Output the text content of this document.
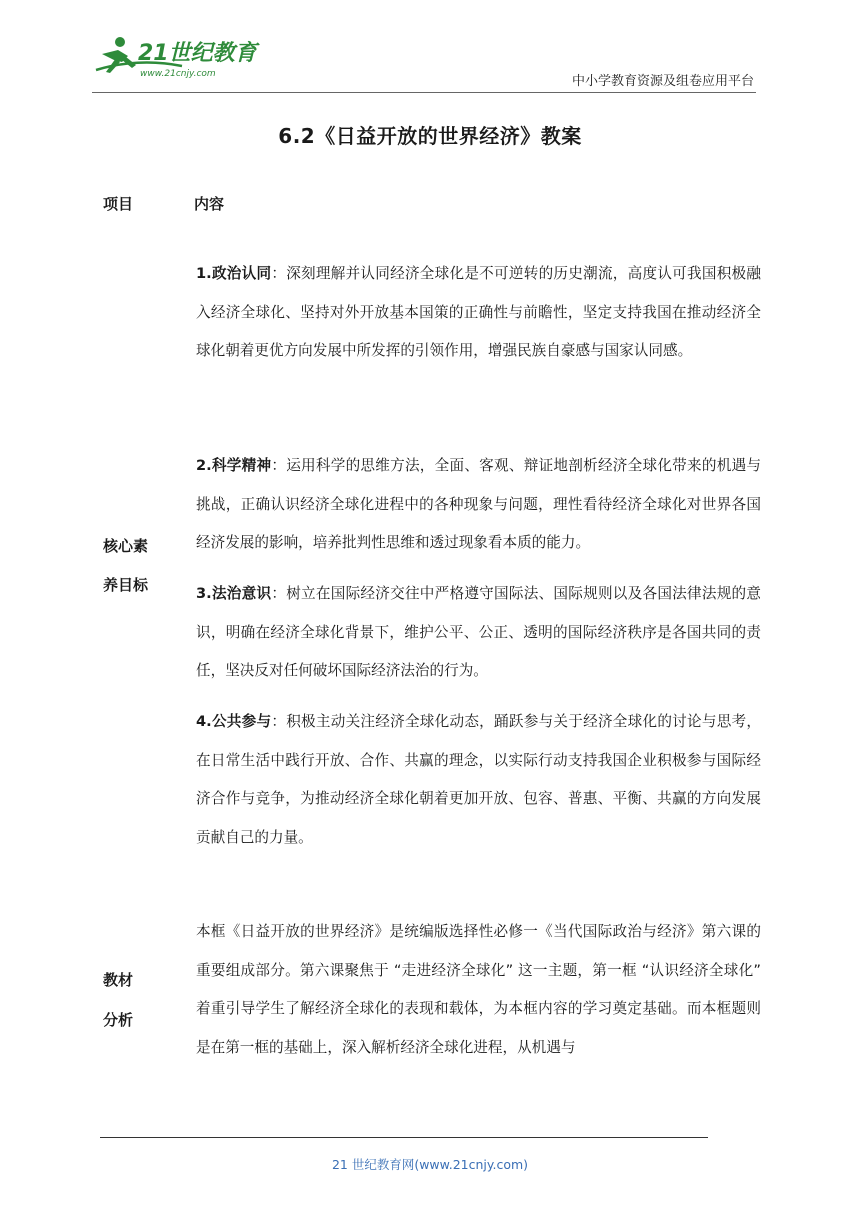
21世纪教育
www.21cnjy.com	中小学教育资源及组卷应用平台
6.2《日益开放的世界经济》教案
项目	内容
核心素
养目标

1.政治认同：深刻理解并认同经济全球化是不可逆转的历史潮流，高度认可我国积极融入经济全球化、坚持对外开放基本国策的正确性与前瞻性，坚定支持我国在推动经济全球化朝着更优方向发展中所发挥的引领作用，增强民族自豪感与国家认同感。

2.科学精神：运用科学的思维方法，全面、客观、辩证地剖析经济全球化带来的机遇与挑战，正确认识经济全球化进程中的各种现象与问题，理性看待经济全球化对世界各国经济发展的影响，培养批判性思维和透过现象看本质的能力。

3.法治意识：树立在国际经济交往中严格遵守国际法、国际规则以及各国法律法规的意识，明确在经济全球化背景下，维护公平、公正、透明的国际经济秩序是各国共同的责任，坚决反对任何破坏国际经济法治的行为。

4.公共参与：积极主动关注经济全球化动态，踊跃参与关于经济全球化的讨论与思考，在日常生活中践行开放、合作、共赢的理念，以实际行动支持我国企业积极参与国际经济合作与竞争，为推动经济全球化朝着更加开放、包容、普惠、平衡、共赢的方向发展贡献自己的力量。

教材
分析

本框《日益开放的世界经济》是统编版选择性必修一《当代国际政治与经济》第六课的重要组成部分。第六课聚焦于 “走进经济全球化” 这一主题，第一框 “认识经济全球化” 着重引导学生了解经济全球化的表现和载体，为本框内容的学习奠定基础。而本框题则是在第一框的基础上，深入解析经济全球化进程，从机遇与

21 世纪教育网(www.21cnjy.com)
